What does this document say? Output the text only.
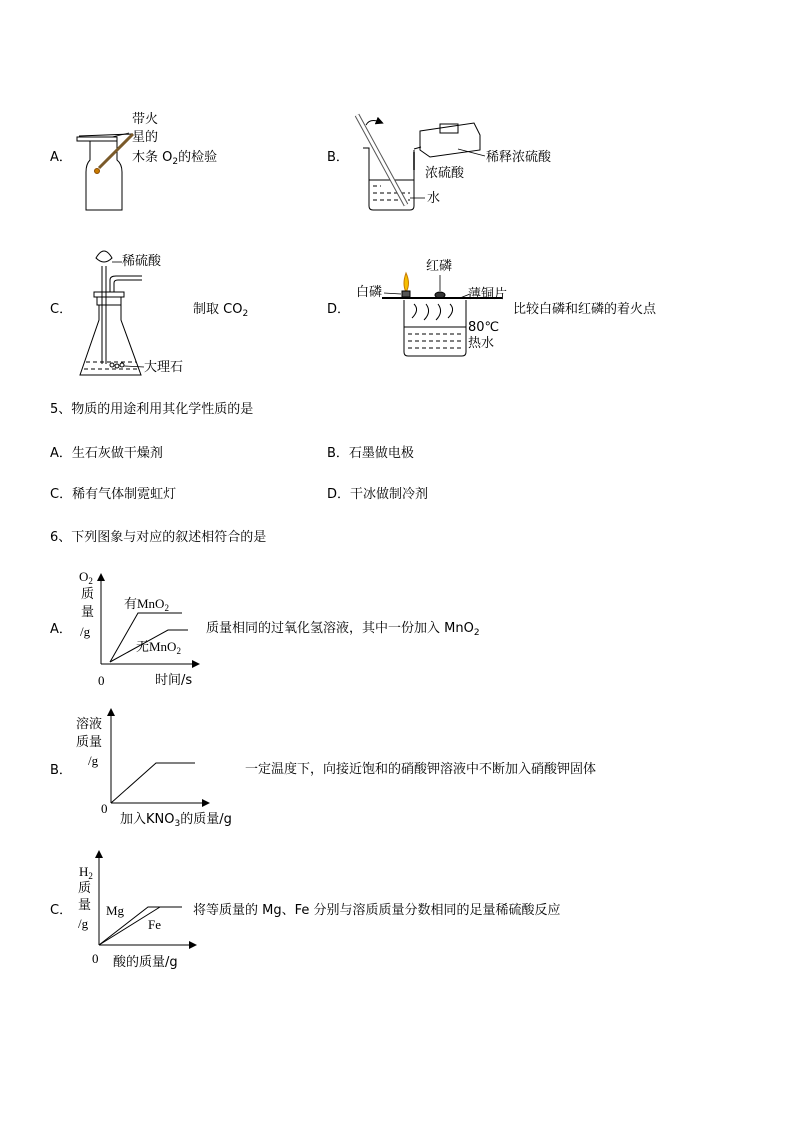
A．
带火
星的
木条 $O_2$的检验	B．	稀释浓硫酸
浓硫酸
水
C．
稀硫酸
大理石
制取 $CO_2$	D．
红磷
白磷	薄铜片
80℃
热水
比较白磷和红磷的着火点
5、物质的用途利用其化学性质的是
A．生石灰做干燥剂	B．石墨做电极
C．稀有气体制霓虹灯	D．干冰做制冷剂
6、下列图象与对应的叙述相符合的是
A．
$O_2$
质
量
/g
0	时间/s
有MnO$_2$
无MnO$_2$
质量相同的过氧化氢溶液，其中一份加入 MnO$_2$
B．
溶液
质量
/g
0
加入$KNO_3$的质量/g
一定温度下，向接近饱和的硝酸钾溶液中不断加入硝酸钾固体
C．
$H_2$
质
量
/g
0 酸的质量/g
Mg
Fe
将等质量的 Mg、Fe 分别与溶质质量分数相同的足量稀硫酸反应
